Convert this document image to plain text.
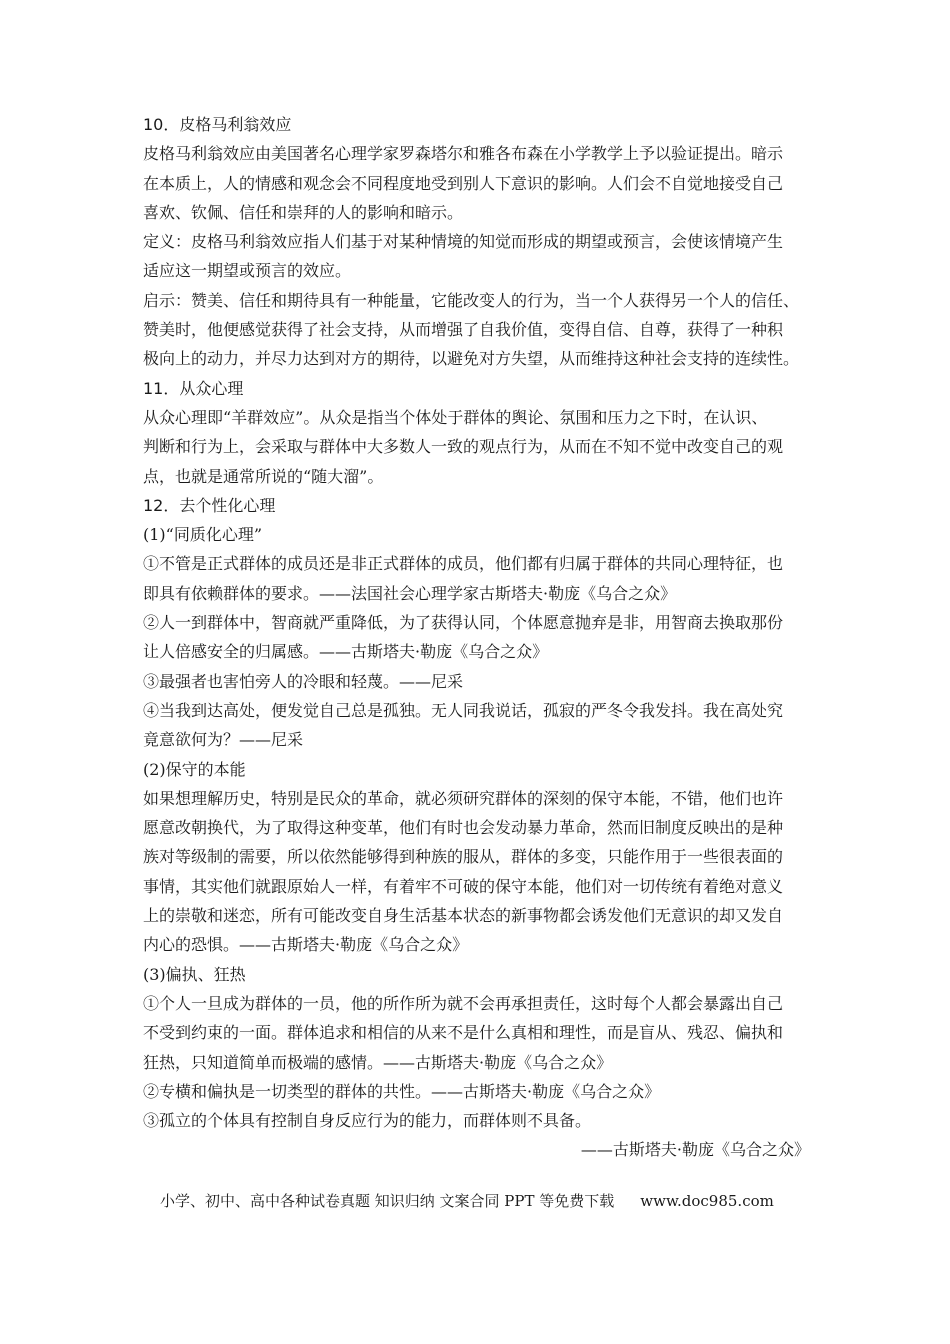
10．皮格马利翁效应

皮格马利翁效应由美国著名心理学家罗森塔尔和雅各布森在小学教学上予以验证提出。暗示

在本质上，人的情感和观念会不同程度地受到别人下意识的影响。人们会不自觉地接受自己

喜欢、钦佩、信任和崇拜的人的影响和暗示。

定义：皮格马利翁效应指人们基于对某种情境的知觉而形成的期望或预言，会使该情境产生

适应这一期望或预言的效应。

启示：赞美、信任和期待具有一种能量，它能改变人的行为，当一个人获得另一个人的信任、

赞美时，他便感觉获得了社会支持，从而增强了自我价值，变得自信、自尊，获得了一种积

极向上的动力，并尽力达到对方的期待，以避免对方失望，从而维持这种社会支持的连续性。

11．从众心理

从众心理即“羊群效应”。从众是指当个体处于群体的舆论、氛围和压力之下时，在认识、

判断和行为上，会采取与群体中大多数人一致的观点行为，从而在不知不觉中改变自己的观

点，也就是通常所说的“随大溜”。

12．去个性化心理

(1)“同质化心理”

①不管是正式群体的成员还是非正式群体的成员，他们都有归属于群体的共同心理特征，也

即具有依赖群体的要求。——法国社会心理学家古斯塔夫·勒庞《乌合之众》

②人一到群体中，智商就严重降低，为了获得认同，个体愿意抛弃是非，用智商去换取那份

让人倍感安全的归属感。——古斯塔夫·勒庞《乌合之众》

③最强者也害怕旁人的冷眼和轻蔑。——尼采

④当我到达高处，便发觉自己总是孤独。无人同我说话，孤寂的严冬令我发抖。我在高处究

竟意欲何为？——尼采

(2)保守的本能

如果想理解历史，特别是民众的革命，就必须研究群体的深刻的保守本能，不错，他们也许

愿意改朝换代，为了取得这种变革，他们有时也会发动暴力革命，然而旧制度反映出的是种

族对等级制的需要，所以依然能够得到种族的服从，群体的多变，只能作用于一些很表面的

事情，其实他们就跟原始人一样，有着牢不可破的保守本能，他们对一切传统有着绝对意义

上的崇敬和迷恋，所有可能改变自身生活基本状态的新事物都会诱发他们无意识的却又发自

内心的恐惧。——古斯塔夫·勒庞《乌合之众》

(3)偏执、狂热

①个人一旦成为群体的一员，他的所作所为就不会再承担责任，这时每个人都会暴露出自己

不受到约束的一面。群体追求和相信的从来不是什么真相和理性，而是盲从、残忍、偏执和

狂热，只知道简单而极端的感情。——古斯塔夫·勒庞《乌合之众》

②专横和偏执是一切类型的群体的共性。——古斯塔夫·勒庞《乌合之众》

③孤立的个体具有控制自身反应行为的能力，而群体则不具备。

——古斯塔夫·勒庞《乌合之众》

小学、初中、高中各种试卷真题 知识归纳 文案合同 PPT 等免费下载 www.doc985.com
